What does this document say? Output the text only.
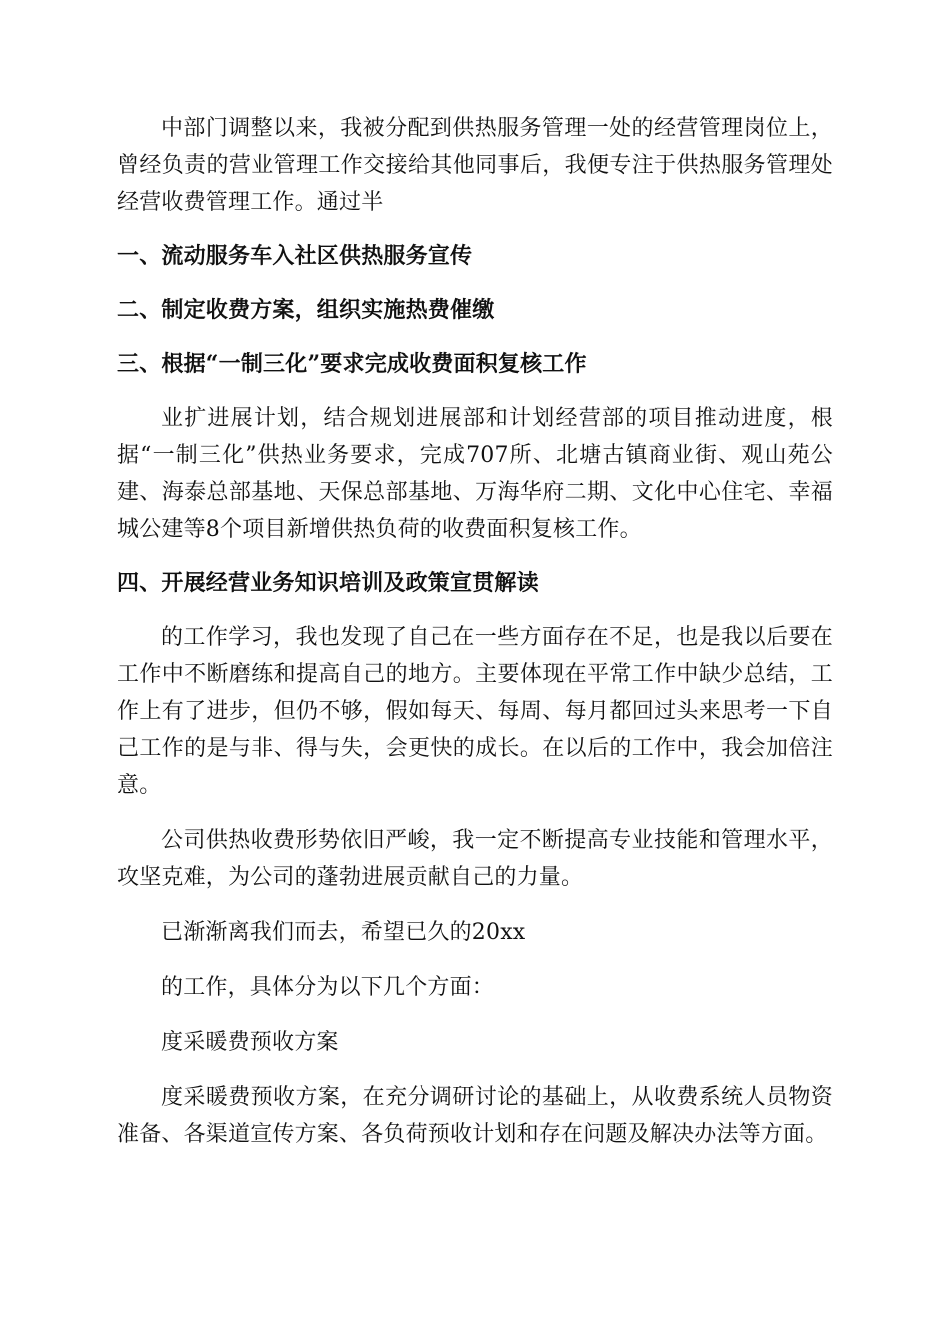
中部门调整以来，我被分配到供热服务管理一处的经营管理岗位上，曾经负责的营业管理工作交接给其他同事后，我便专注于供热服务管理处经营收费管理工作。通过半

一、流动服务车入社区供热服务宣传

二、制定收费方案，组织实施热费催缴

三、根据“一制三化”要求完成收费面积复核工作

业扩进展计划，结合规划进展部和计划经营部的项目推动进度，根据“一制三化”供热业务要求，完成707所、北塘古镇商业街、观山苑公建、海泰总部基地、天保总部基地、万海华府二期、文化中心住宅、幸福城公建等8个项目新增供热负荷的收费面积复核工作。

四、开展经营业务知识培训及政策宣贯解读

的工作学习，我也发现了自己在一些方面存在不足，也是我以后要在工作中不断磨练和提高自己的地方。主要体现在平常工作中缺少总结，工作上有了进步，但仍不够，假如每天、每周、每月都回过头来思考一下自己工作的是与非、得与失，会更快的成长。在以后的工作中，我会加倍注意。

公司供热收费形势依旧严峻，我一定不断提高专业技能和管理水平，攻坚克难，为公司的蓬勃进展贡献自己的力量。

已渐渐离我们而去，希望已久的20xx

的工作，具体分为以下几个方面：

度采暖费预收方案

度采暖费预收方案，在充分调研讨论的基础上，从收费系统人员物资准备、各渠道宣传方案、各负荷预收计划和存在问题及解决办法等方面。
